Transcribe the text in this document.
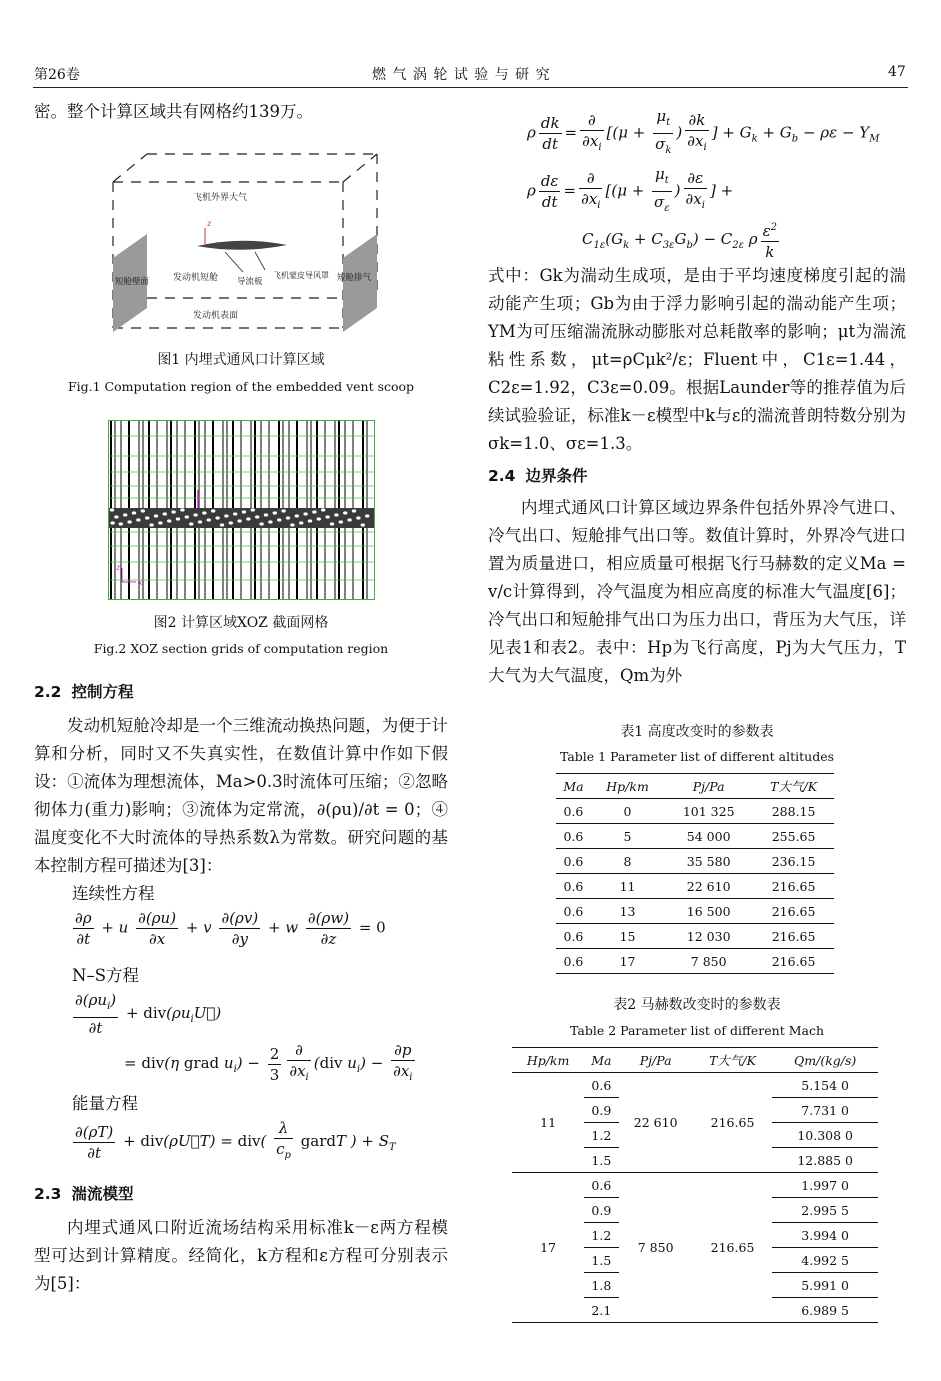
第26卷	燃 气 涡 轮 试 验 与 研 究	47

密。整个计算区域共有网格约139万。

z
飞机外界大气
发动机短舱 导流板
飞机蒙皮导风罩
短舱壁面	短舱排气
发动机表面
图1 内埋式通风口计算区域
Fig.1 Computation region of the embedded vent scoop
z
x
图2 计算区域XOZ 截面网格
Fig.2 XOZ section grids of computation region
2.2 控制方程

发动机短舱冷却是一个三维流动换热问题，为便于计算和分析，同时又不失真实性，在数值计算中作如下假设：①流体为理想流体，Ma>0.3时流体可压缩；②忽略彻体力(重力)影响；③流体为定常流，∂(ρu)/∂t = 0；④温度变化不大时流体的导热系数λ为常数。研究问题的基本控制方程可描述为[3]：

连续性方程
$\frac{\partial\rho}{\partial t} + u \frac{\partial(\rho u)}{\partial x} + v \frac{\partial(\rho v)}{\partial y} + w \frac{\partial(\rho w)}{\partial z} = 0$
N–S方程
$\frac{\partial(\rho u_i)}{\partial t}$ + $div(\rho u_iU⃗)$
= div(η grad $u_i) - \frac{2}{3} \frac{\partial}{\partial x_i} (div$ $u_i) - \frac{\partial p}{\partial x_i}$
能量方程
$\frac{\partial(\rho T)}{\partial t}$ + div(ρU⃗T) = $div( \frac{\lambda}{c_p}$ gardT ) + $S_T$
2.3 湍流模型

内埋式通风口附近流场结构采用标准k－ε两方程模型可达到计算精度。经简化，k方程和ε方程可分别表示为[5]：

ρ $\frac{dk}{dt} = \frac{\partial}{\partial x_i} [(\mu + \frac{\mu_t}{\sigma_k}$ ) $\frac{\partial k}{\partial x_i}$ ] + $G_k + G_b - \rho\varepsilon - Y_M$
ρ $\frac{d\varepsilon}{dt} = \frac{\partial}{\partial x_i} [(\mu + \frac{\mu_t}{\sigma_\varepsilon}$ ) $\frac{\partial\varepsilon}{\partial x_i}$ ] +
$C_{1\varepsilon}(G_k + C_{3\varepsilon}G_b) - C_{2\varepsilon}$ ρ $\frac{\varepsilon^2}{k}$

式中：Gk为湍动生成项，是由于平均速度梯度引起的湍动能产生项；Gb为由于浮力影响引起的湍动能产生项；YM为可压缩湍流脉动膨胀对总耗散率的影响；μt为湍流粘性系数，μt=ρCμk²/ε；Fluent中，C1ε=1.44，C2ε=1.92，C3ε=0.09。根据Launder等的推荐值为后续试验验证，标准k－ε模型中k与ε的湍流普朗特数分别为σk=1.0、σε=1.3。

2.4 边界条件

内埋式通风口计算区域边界条件包括外界冷气进口、冷气出口、短舱排气出口等。数值计算时，外界冷气进口置为质量进口，相应质量可根据飞行马赫数的定义Ma = v/c计算得到，冷气温度为相应高度的标准大气温度[6]；冷气出口和短舱排气出口为压力出口，背压为大气压，详见表1和表2。表中：Hp为飞行高度，Pj为大气压力，T大气为大气温度，Qm为外

表1 高度改变时的参数表
Table 1 Parameter list of different altitudes
Ma	Hp/km	Pj/Pa	T大气/K
0.6	0	101 325	288.15
0.6	5	54 000	255.65
0.6	8	35 580	236.15
0.6	11	22 610	216.65
0.6	13	16 500	216.65
0.6	15	12 030	216.65
0.6	17	7 850	216.65
表2 马赫数改变时的参数表
Table 2 Parameter list of different Mach
Hp/km	Ma	Pj/Pa	T大气/K	Qm/(kg/s)
11	0.6	22 610	216.65	5.154 0
	0.9			7.731 0
	1.2			10.308 0
	1.5			12.885 0
17	0.6	7 850	216.65	1.997 0
	0.9			2.995 5
	1.2			3.994 0
	1.5			4.992 5
	1.8			5.991 0
	2.1			6.989 5
